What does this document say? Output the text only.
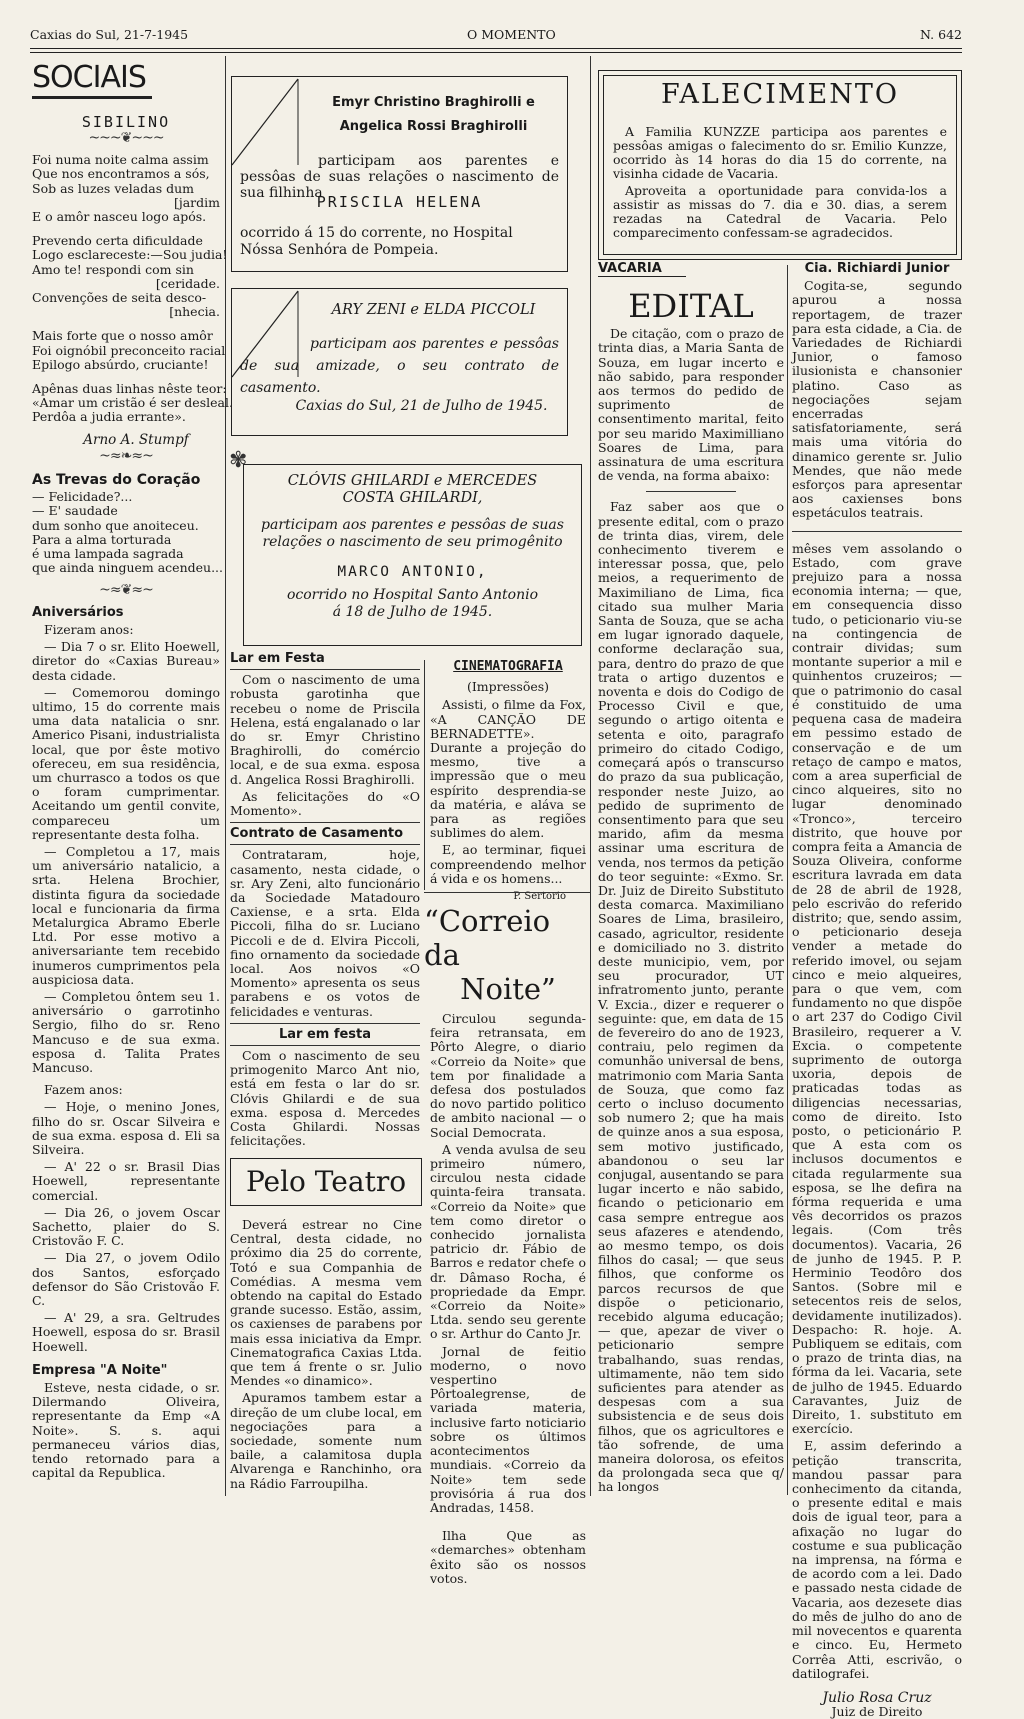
Caxias do Sul, 21-7-1945	O MOMENTO	N. 642
SOCIAIS
SIBILINO
~~~❦~~~
Foi numa noite calma assim
Que nos encontramos a sós,
Sob as luzes veladas dum
[jardim
E o amôr nasceu logo após.
Prevendo certa dificuldade
Logo esclareceste:—Sou judia!
Amo te! respondi com sin
[ceridade.
Convenções de seita desco-
[nhecia.
Mais forte que o nosso amôr
Foi oignóbil preconceito racial
Epilogo absúrdo, cruciante!
Apênas duas linhas nêste teor:
«Amar um cristão é ser desleal.
Perdôa a judia errante».
Arno A. Stumpf
~≈❧≈~
As Trevas do Coração
— Felicidade?...
— E' saudade
dum sonho que anoiteceu.
Para a alma torturada
é uma lampada sagrada
que ainda ninguem acendeu...
~≈❦≈~
Aniversários
Fizeram anos:
— Dia 7 o sr. Elito Hoewell, diretor do «Caxias Bureau» desta cidade.
— Comemorou domingo ultimo, 15 do corrente mais uma data natalicia o snr. Americo Pisani, industrialista local, que por êste motivo ofereceu, em sua residência, um churrasco a todos os que o foram cumprimentar. Aceitando um gentil convite, compareceu um representante desta folha.
— Completou a 17, mais um aniversário natalicio, a srta. Helena Brochier, distinta figura da sociedade local e funcionaria da firma Metalurgica Abramo Eberle Ltd. Por esse motivo a aniversariante tem recebido inumeros cumprimentos pela auspiciosa data.
— Completou ôntem seu 1. aniversário o garrotinho Sergio, filho do sr. Reno Mancuso e de sua exma. esposa d. Talita Prates Mancuso.
Fazem anos:
— Hoje, o menino Jones, filho do sr. Oscar Silveira e de sua exma. esposa d. Eli sa Silveira.
— A' 22 o sr. Brasil Dias Hoewell, representante comercial.
— Dia 26, o jovem Oscar Sachetto, plaier do S. Cristovão F. C.
— Dia 27, o jovem Odilo dos Santos, esforçado defensor do São Cristovão F. C.
— A' 29, a sra. Geltrudes Hoewell, esposa do sr. Brasil Hoewell.
Empresa "A Noite"
Esteve, nesta cidade, o sr. Dilermando Oliveira, representante da Emp «A Noite». S. s. aqui permaneceu vários dias, tendo retornado para a capital da Republica.
Emyr Christino Braghirolli e
Angelica Rossi Braghirolli
participam aos parentes e pessôas de suas relações o nascimento de sua filhinha
PRISCILA HELENA
ocorrido á 15 do corrente, no Hospital Nóssa Senhóra de Pompeia.
ARY ZENI e ELDA PICCOLI
participam aos parentes e pessôas de sua amizade, o seu contrato de casamento.
Caxias do Sul, 21 de Julho de 1945.
✾
CLÓVIS GHILARDI e MERCEDES
COSTA GHILARDI,
participam aos parentes e pessôas de suas relações o nascimento de seu primogênito
MARCO ANTONIO,
ocorrido no Hospital Santo Antonio
á 18 de Julho de 1945.
Lar em Festa
Com o nascimento de uma robusta garotinha que recebeu o nome de Priscila Helena, está engalanado o lar do sr. Emyr Christino Braghirolli, do comércio local, e de sua exma. esposa d. Angelica Rossi Braghirolli.
As felicitações do «O Momento».
Contrato de Casamento
Contrataram, hoje, casamento, nesta cidade, o sr. Ary Zeni, alto funcionário da Sociedade Matadouro Caxiense, e a srta. Elda Piccoli, filha do sr. Luciano Piccoli e de d. Elvira Piccoli, fino ornamento da sociedade local. Aos noivos «O Momento» apresenta os seus parabens e os votos de felicidades e venturas.
Lar em festa
Com o nascimento de seu primogenito Marco Ant nio, está em festa o lar do sr. Clóvis Ghilardi e de sua exma. esposa d. Mercedes Costa Ghilardi. Nossas felicitações.
CINEMATOGRAFIA
(Impressões)
Assisti, o filme da Fox, «A CANÇÃO DE BERNADETTE». Durante a projeção do mesmo, tive a impressão que o meu espírito desprendia-se da matéria, e aláva se para as regiões sublimes do alem.
E, ao terminar, fiquei compreendendo melhor á vida e os homens...
P. Sertorio
“Correio da
Noite”
Circulou segunda-feira retransata, em Pôrto Alegre, o diario «Correio da Noite» que tem por finalidade a defesa dos postulados do novo partido politico de ambito nacional — o Social Democrata.
A venda avulsa de seu primeiro número, circulou nesta cidade quinta-feira transata. «Correio da Noite» que tem como diretor o conhecido jornalista patricio dr. Fábio de Barros e redator chefe o dr. Dâmaso Rocha, é propriedade da Empr. «Correio da Noite» Ltda. sendo seu gerente o sr. Arthur do Canto Jr.
Jornal de feitio moderno, o novo vespertino Pôrtoalegrense, de variada materia, inclusive farto noticiario sobre os últimos acontecimentos mundiais. «Correio da Noite» tem sede provisória á rua dos Andradas, 1458.
Ilha Que as «demarches» obtenham êxito são os nossos votos.
Pelo Teatro
Deverá estrear no Cine Central, desta cidade, no próximo dia 25 do corrente, Totó e sua Companhia de Comédias. A mesma vem obtendo na capital do Estado grande sucesso. Estão, assim, os caxienses de parabens por mais essa iniciativa da Empr. Cinematografica Caxias Ltda. que tem á frente o sr. Julio Mendes «o dinamico».
Apuramos tambem estar a direção de um clube local, em negociações para a sociedade, somente num baile, a calamitosa dupla Alvarenga e Ranchinho, ora na Rádio Farroupilha.
FALECIMENTO
A Familia KUNZZE participa aos parentes e pessôas amigas o falecimento do sr. Emilio Kunzze, ocorrido às 14 horas do dia 15 do corrente, na visinha cidade de Vacaria.
Aproveita a oportunidade para convida-los a assistir as missas do 7. dia e 30. dias, a serem rezadas na Catedral de Vacaria. Pelo comparecimento confessam-se agradecidos.
VACARIA
EDITAL
De citação, com o prazo de trinta dias, a Maria Santa de Souza, em lugar incerto e não sabido, para responder aos termos do pedido de suprimento de consentimento marital, feito por seu marido Maximilliano Soares de Lima, para assinatura de uma escritura de venda, na forma abaixo:
Faz saber aos que o presente edital, com o prazo de trinta dias, virem, dele conhecimento tiverem e interessar possa, que, pelo meios, a requerimento de Maximiliano de Lima, fica citado sua mulher Maria Santa de Souza, que se acha em lugar ignorado daquele, conforme declaração sua, para, dentro do prazo de que trata o artigo duzentos e noventa e dois do Codigo de Processo Civil e que, segundo o artigo oitenta e setenta e oito, paragrafo primeiro do citado Codigo, começará após o transcurso do prazo da sua publicação, responder neste Juizo, ao pedido de suprimento de consentimento para que seu marido, afim da mesma assinar uma escritura de venda, nos termos da petição do teor seguinte: «Exmo. Sr. Dr. Juiz de Direito Substituto desta comarca. Maximiliano Soares de Lima, brasileiro, casado, agricultor, residente e domiciliado no 3. distrito deste municipio, vem, por seu procurador, UT infratromento junto, perante V. Excia., dizer e requerer o seguinte: que, em data de 15 de fevereiro do ano de 1923, contraiu, pelo regimen da comunhão universal de bens, matrimonio com Maria Santa de Souza, que como faz certo o incluso documento sob numero 2; que ha mais de quinze anos a sua esposa, sem motivo justificado, abandonou o seu lar conjugal, ausentando se para lugar incerto e não sabido, ficando o peticionario em casa sempre entregue aos seus afazeres e atendendo, ao mesmo tempo, os dois filhos do casal; — que seus filhos, que conforme os parcos recursos de que dispõe o peticionario, recebido alguma educação; — que, apezar de viver o peticionario sempre trabalhando, suas rendas, ultimamente, não tem sido suficientes para atender as despesas com a sua subsistencia e de seus dois filhos, que os agricultores e tão sofrende, de uma maneira dolorosa, os efeitos da prolongada seca que q/ ha longos
Cia. Richiardi Junior
Cogita-se, segundo apurou a nossa reportagem, de trazer para esta cidade, a Cia. de Variedades de Richiardi Junior, o famoso ilusionista e chansonier platino. Caso as negociações sejam encerradas satisfatoriamente, será mais uma vitória do dinamico gerente sr. Julio Mendes, que não mede esforços para apresentar aos caxienses bons espetáculos teatrais.
mêses vem assolando o Estado, com grave prejuizo para a nossa economia interna; — que, em consequencia disso tudo, o peticionario viu-se na contingencia de contrair dividas; sum montante superior a mil e quinhentos cruzeiros; — que o patrimonio do casal é constituido de uma pequena casa de madeira em pessimo estado de conservação e de um retaço de campo e matos, com a area superficial de cinco alqueires, sito no lugar denominado «Tronco», terceiro distrito, que houve por compra feita a Amancia de Souza Oliveira, conforme escritura lavrada em data de 28 de abril de 1928, pelo escrivão do referido distrito; que, sendo assim, o peticionario deseja vender a metade do referido imovel, ou sejam cinco e meio alqueires, para o que vem, com fundamento no que dispõe o art 237 do Codigo Civil Brasileiro, requerer a V. Excia. o competente suprimento de outorga uxoria, depois de praticadas todas as diligencias necessarias, como de direito. Isto posto, o peticionário P. que A esta com os inclusos documentos e citada regularmente sua esposa, se lhe defira na fórma requerida e uma vês decorridos os prazos legais. (Com três documentos). Vacaria, 26 de junho de 1945. P. P. Herminio Teodôro dos Santos. (Sobre mil e setecentos reis de selos, devidamente inutilizados). Despacho: R. hoje. A. Publiquem se editais, com o prazo de trinta dias, na fórma da lei. Vacaria, sete de julho de 1945. Eduardo Caravantes, Juiz de Direito, 1. substituto em exercício.
E, assim deferindo a petição transcrita, mandou passar para conhecimento da citanda, o presente edital e mais dois de igual teor, para a afixação no lugar do costume e sua publicação na imprensa, na fórma e de acordo com a lei. Dado e passado nesta cidade de Vacaria, aos dezesete dias do mês de julho do ano de mil novecentos e quarenta e cinco. Eu, Hermeto Corrêa Atti, escrivão, o datilografei.
Julio Rosa Cruz
Juiz de Direito
